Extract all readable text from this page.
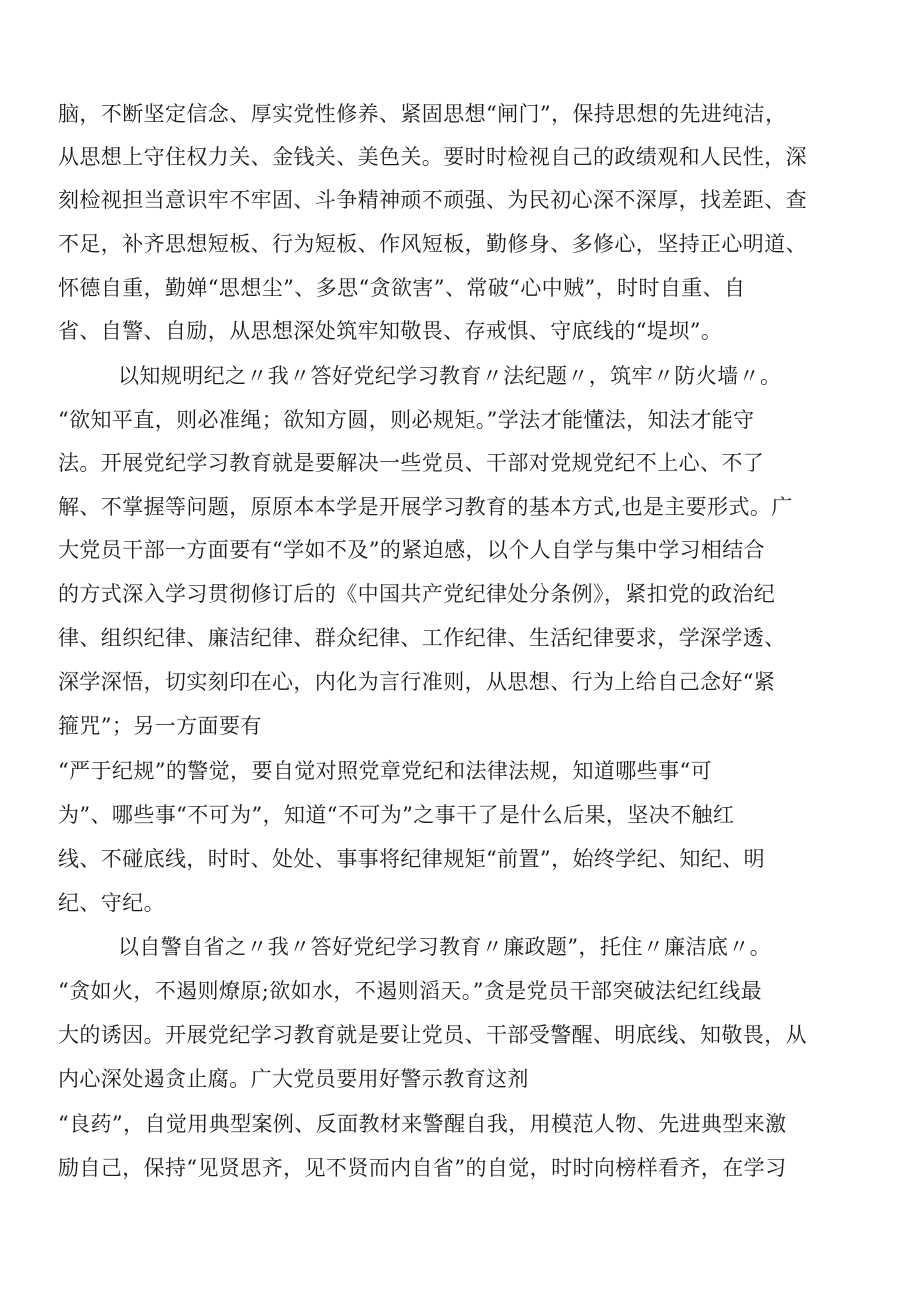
脑，不断坚定信念、厚实党性修养、紧固思想“闸门”，保持思想的先进纯洁，
从思想上守住权力关、金钱关、美色关。要时时检视自己的政绩观和人民性，深
刻检视担当意识牢不牢固、斗争精神顽不顽强、为民初心深不深厚，找差距、查
不足，补齐思想短板、行为短板、作风短板，勤修身、多修心，坚持正心明道、
怀德自重，勤婵“思想尘”、多思“贪欲害”、常破“心中贼”，时时自重、自
省、自警、自励，从思想深处筑牢知敬畏、存戒惧、守底线的“堤坝”。
以知规明纪之〃我〃答好党纪学习教育〃法纪题〃，筑牢〃防火墙〃。
“欲知平直，则必准绳；欲知方圆，则必规矩。”学法才能懂法，知法才能守
法。开展党纪学习教育就是要解决一些党员、干部对党规党纪不上心、不了
解、不掌握等问题，原原本本学是开展学习教育的基本方式,也是主要形式。广
大党员干部一方面要有“学如不及”的紧迫感，以个人自学与集中学习相结合
的方式深入学习贯彻修订后的《中国共产党纪律处分条例》，紧扣党的政治纪
律、组织纪律、廉洁纪律、群众纪律、工作纪律、生活纪律要求，学深学透、
深学深悟，切实刻印在心，内化为言行准则，从思想、行为上给自己念好“紧
箍咒”；另一方面要有
“严于纪规”的警觉，要自觉对照党章党纪和法律法规，知道哪些事“可
为”、哪些事“不可为”，知道“不可为”之事干了是什么后果，坚决不触红
线、不碰底线，时时、处处、事事将纪律规矩“前置”，始终学纪、知纪、明
纪、守纪。
以自警自省之〃我〃答好党纪学习教育〃廉政题”，托住〃廉洁底〃。
“贪如火，不遏则燎原;欲如水，不遏则滔天。”贪是党员干部突破法纪红线最
大的诱因。开展党纪学习教育就是要让党员、干部受警醒、明底线、知敬畏，从
内心深处遏贪止腐。广大党员要用好警示教育这剂
“良药”，自觉用典型案例、反面教材来警醒自我，用模范人物、先进典型来激
励自己，保持“见贤思齐，见不贤而内自省”的自觉，时时向榜样看齐，在学习
